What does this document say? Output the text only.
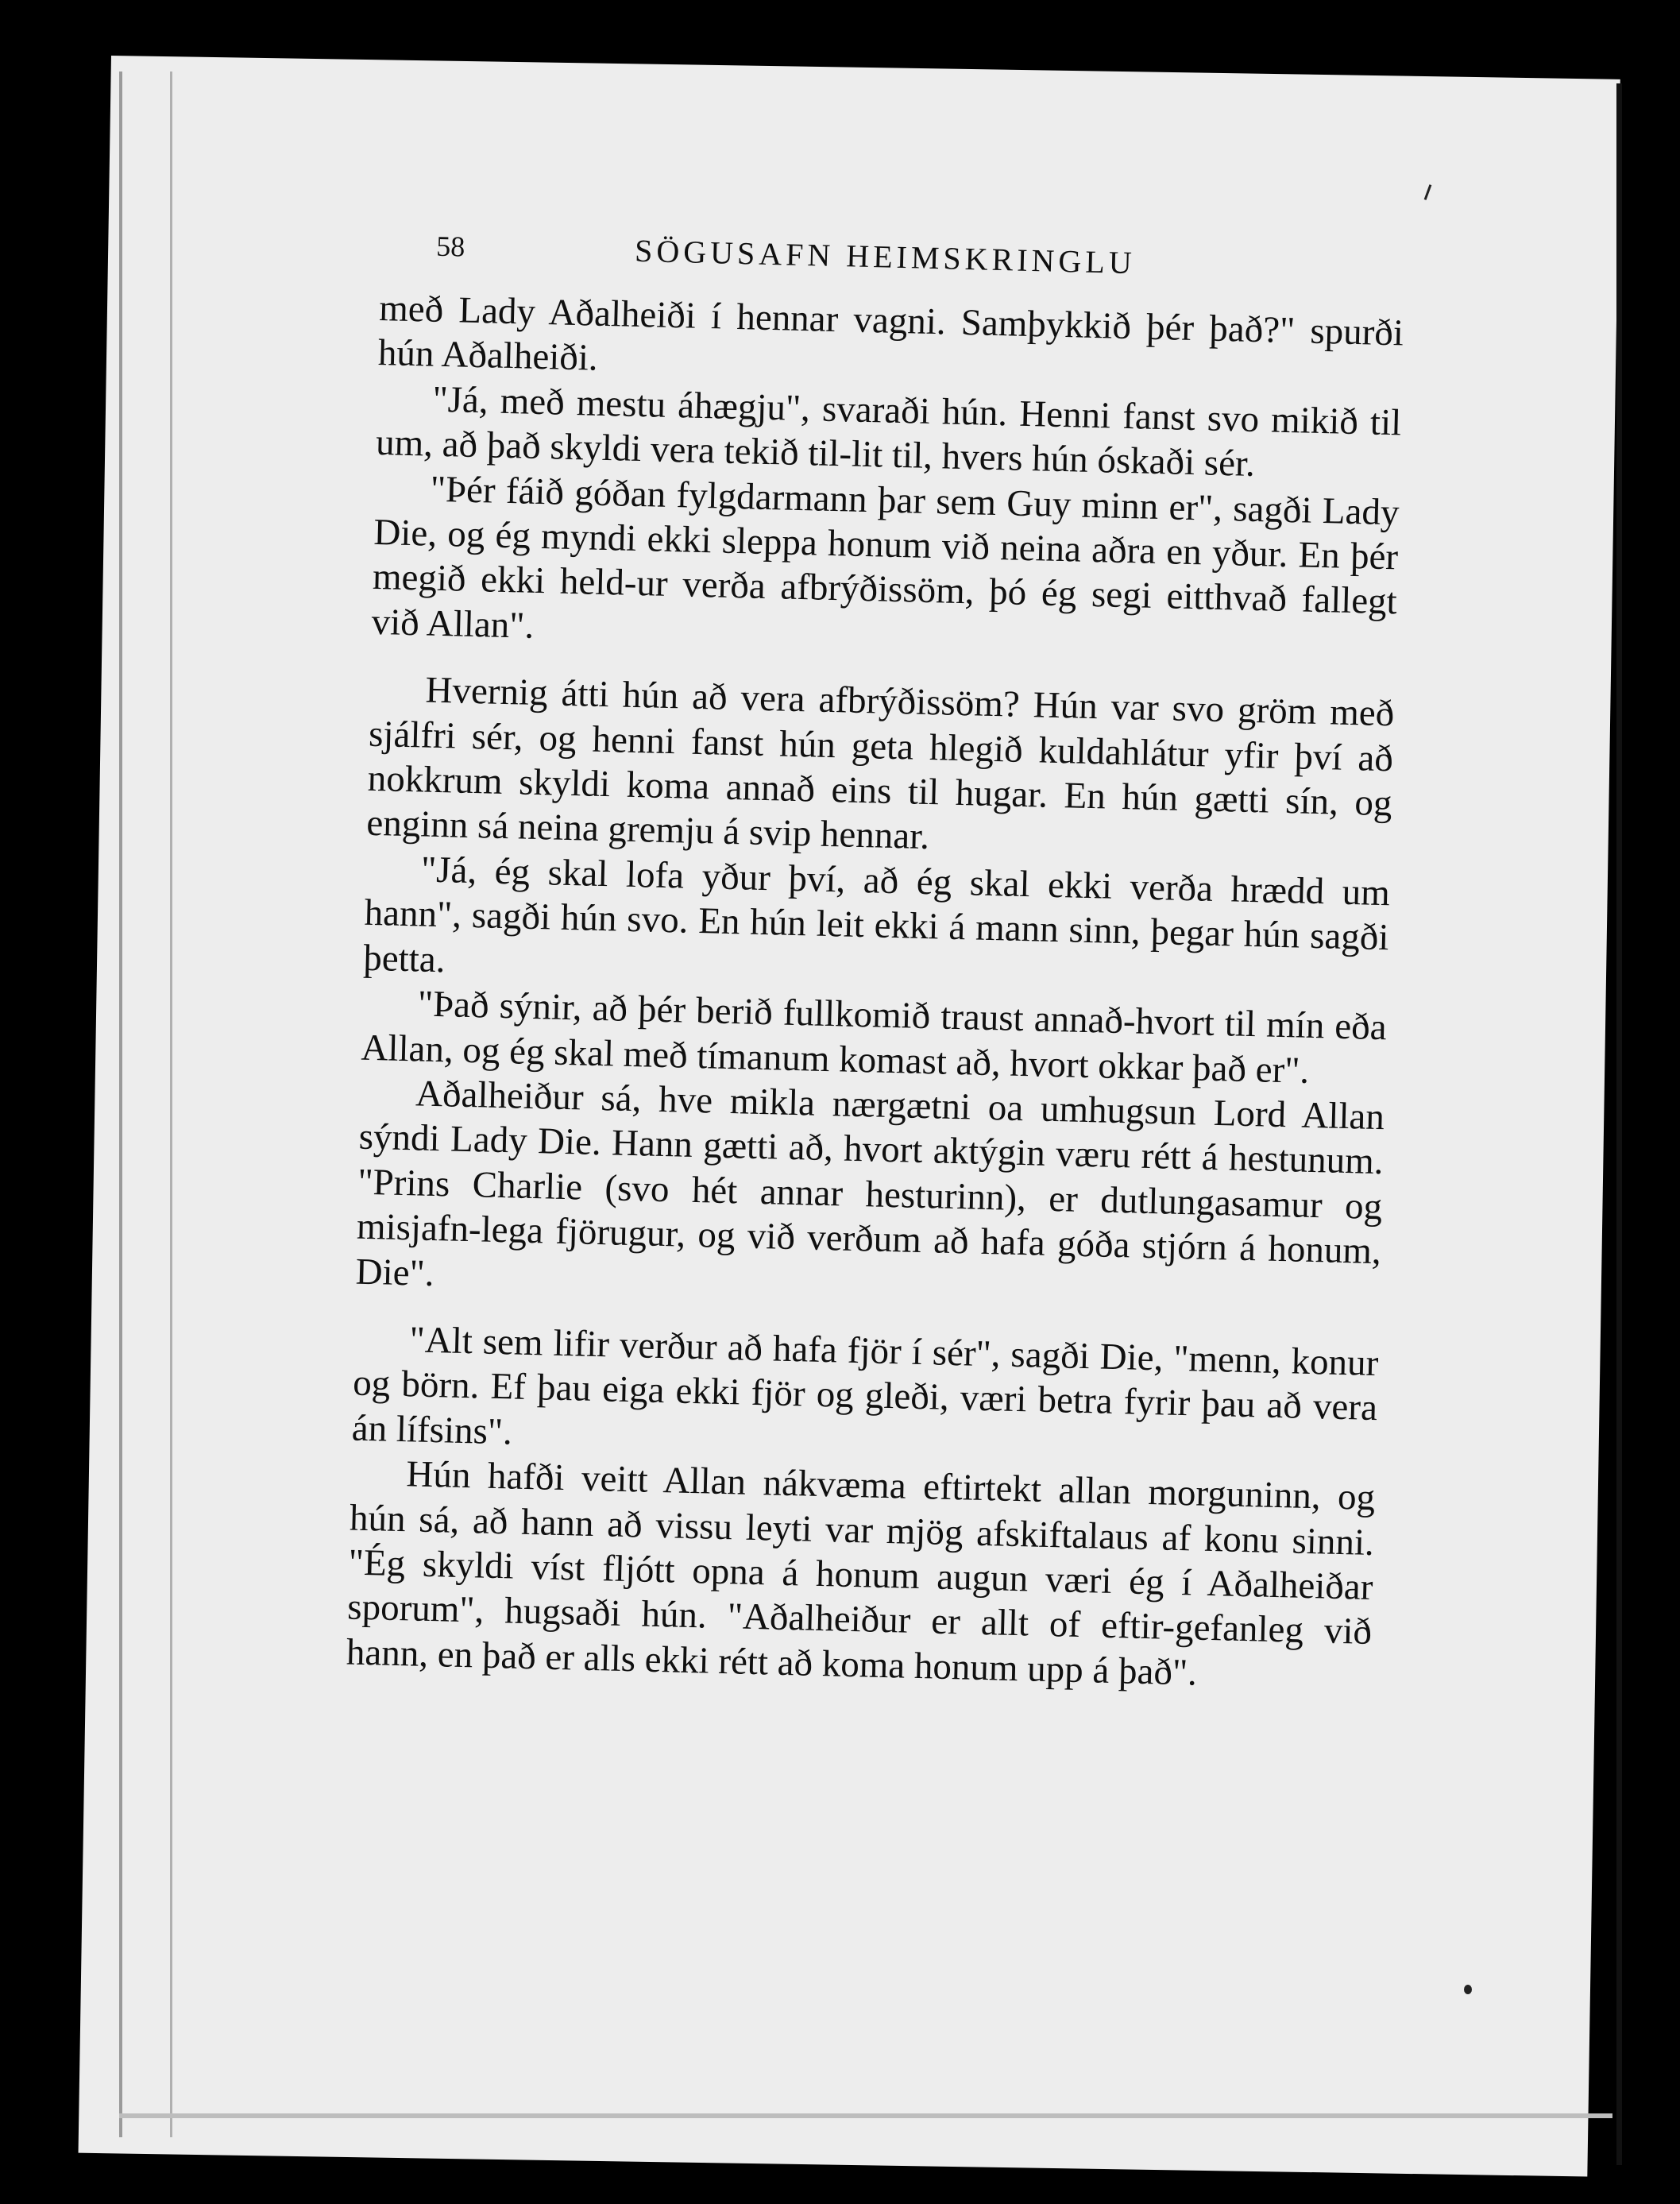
58	SÖGUSAFN HEIMSKRINGLU

með Lady Aðalheiði í hennar vagni. Samþykkið þér það?" spurði hún Aðalheiði.

"Já, með mestu áhægju", svaraði hún. Henni fanst svo mikið til um, að það skyldi vera tekið til-lit til, hvers hún óskaði sér.

"Þér fáið góðan fylgdarmann þar sem Guy minn er", sagði Lady Die, og ég myndi ekki sleppa honum við neina aðra en yður. En þér megið ekki held-ur verða afbrýðissöm, þó ég segi eitthvað fallegt við Allan".

Hvernig átti hún að vera afbrýðissöm? Hún var svo gröm með sjálfri sér, og henni fanst hún geta hlegið kuldahlátur yfir því að nokkrum skyldi koma annað eins til hugar. En hún gætti sín, og enginn sá neina gremju á svip hennar.

"Já, ég skal lofa yður því, að ég skal ekki verða hrædd um hann", sagði hún svo. En hún leit ekki á mann sinn, þegar hún sagði þetta.

"Það sýnir, að þér berið fullkomið traust annað-hvort til mín eða Allan, og ég skal með tímanum komast að, hvort okkar það er".

Aðalheiður sá, hve mikla nærgætni oa umhugsun Lord Allan sýndi Lady Die. Hann gætti að, hvort aktýgin væru rétt á hestunum. "Prins Charlie (svo hét annar hesturinn), er dutlungasamur og misjafn-lega fjörugur, og við verðum að hafa góða stjórn á honum, Die".

"Alt sem lifir verður að hafa fjör í sér", sagði Die, "menn, konur og börn. Ef þau eiga ekki fjör og gleði, væri betra fyrir þau að vera án lífsins".

Hún hafði veitt Allan nákvæma eftirtekt allan morguninn, og hún sá, að hann að vissu leyti var mjög afskiftalaus af konu sinni. "Ég skyldi víst fljótt opna á honum augun væri ég í Aðalheiðar sporum", hugsaði hún. "Aðalheiður er allt of eftir-gefanleg við hann, en það er alls ekki rétt að koma honum upp á það".
